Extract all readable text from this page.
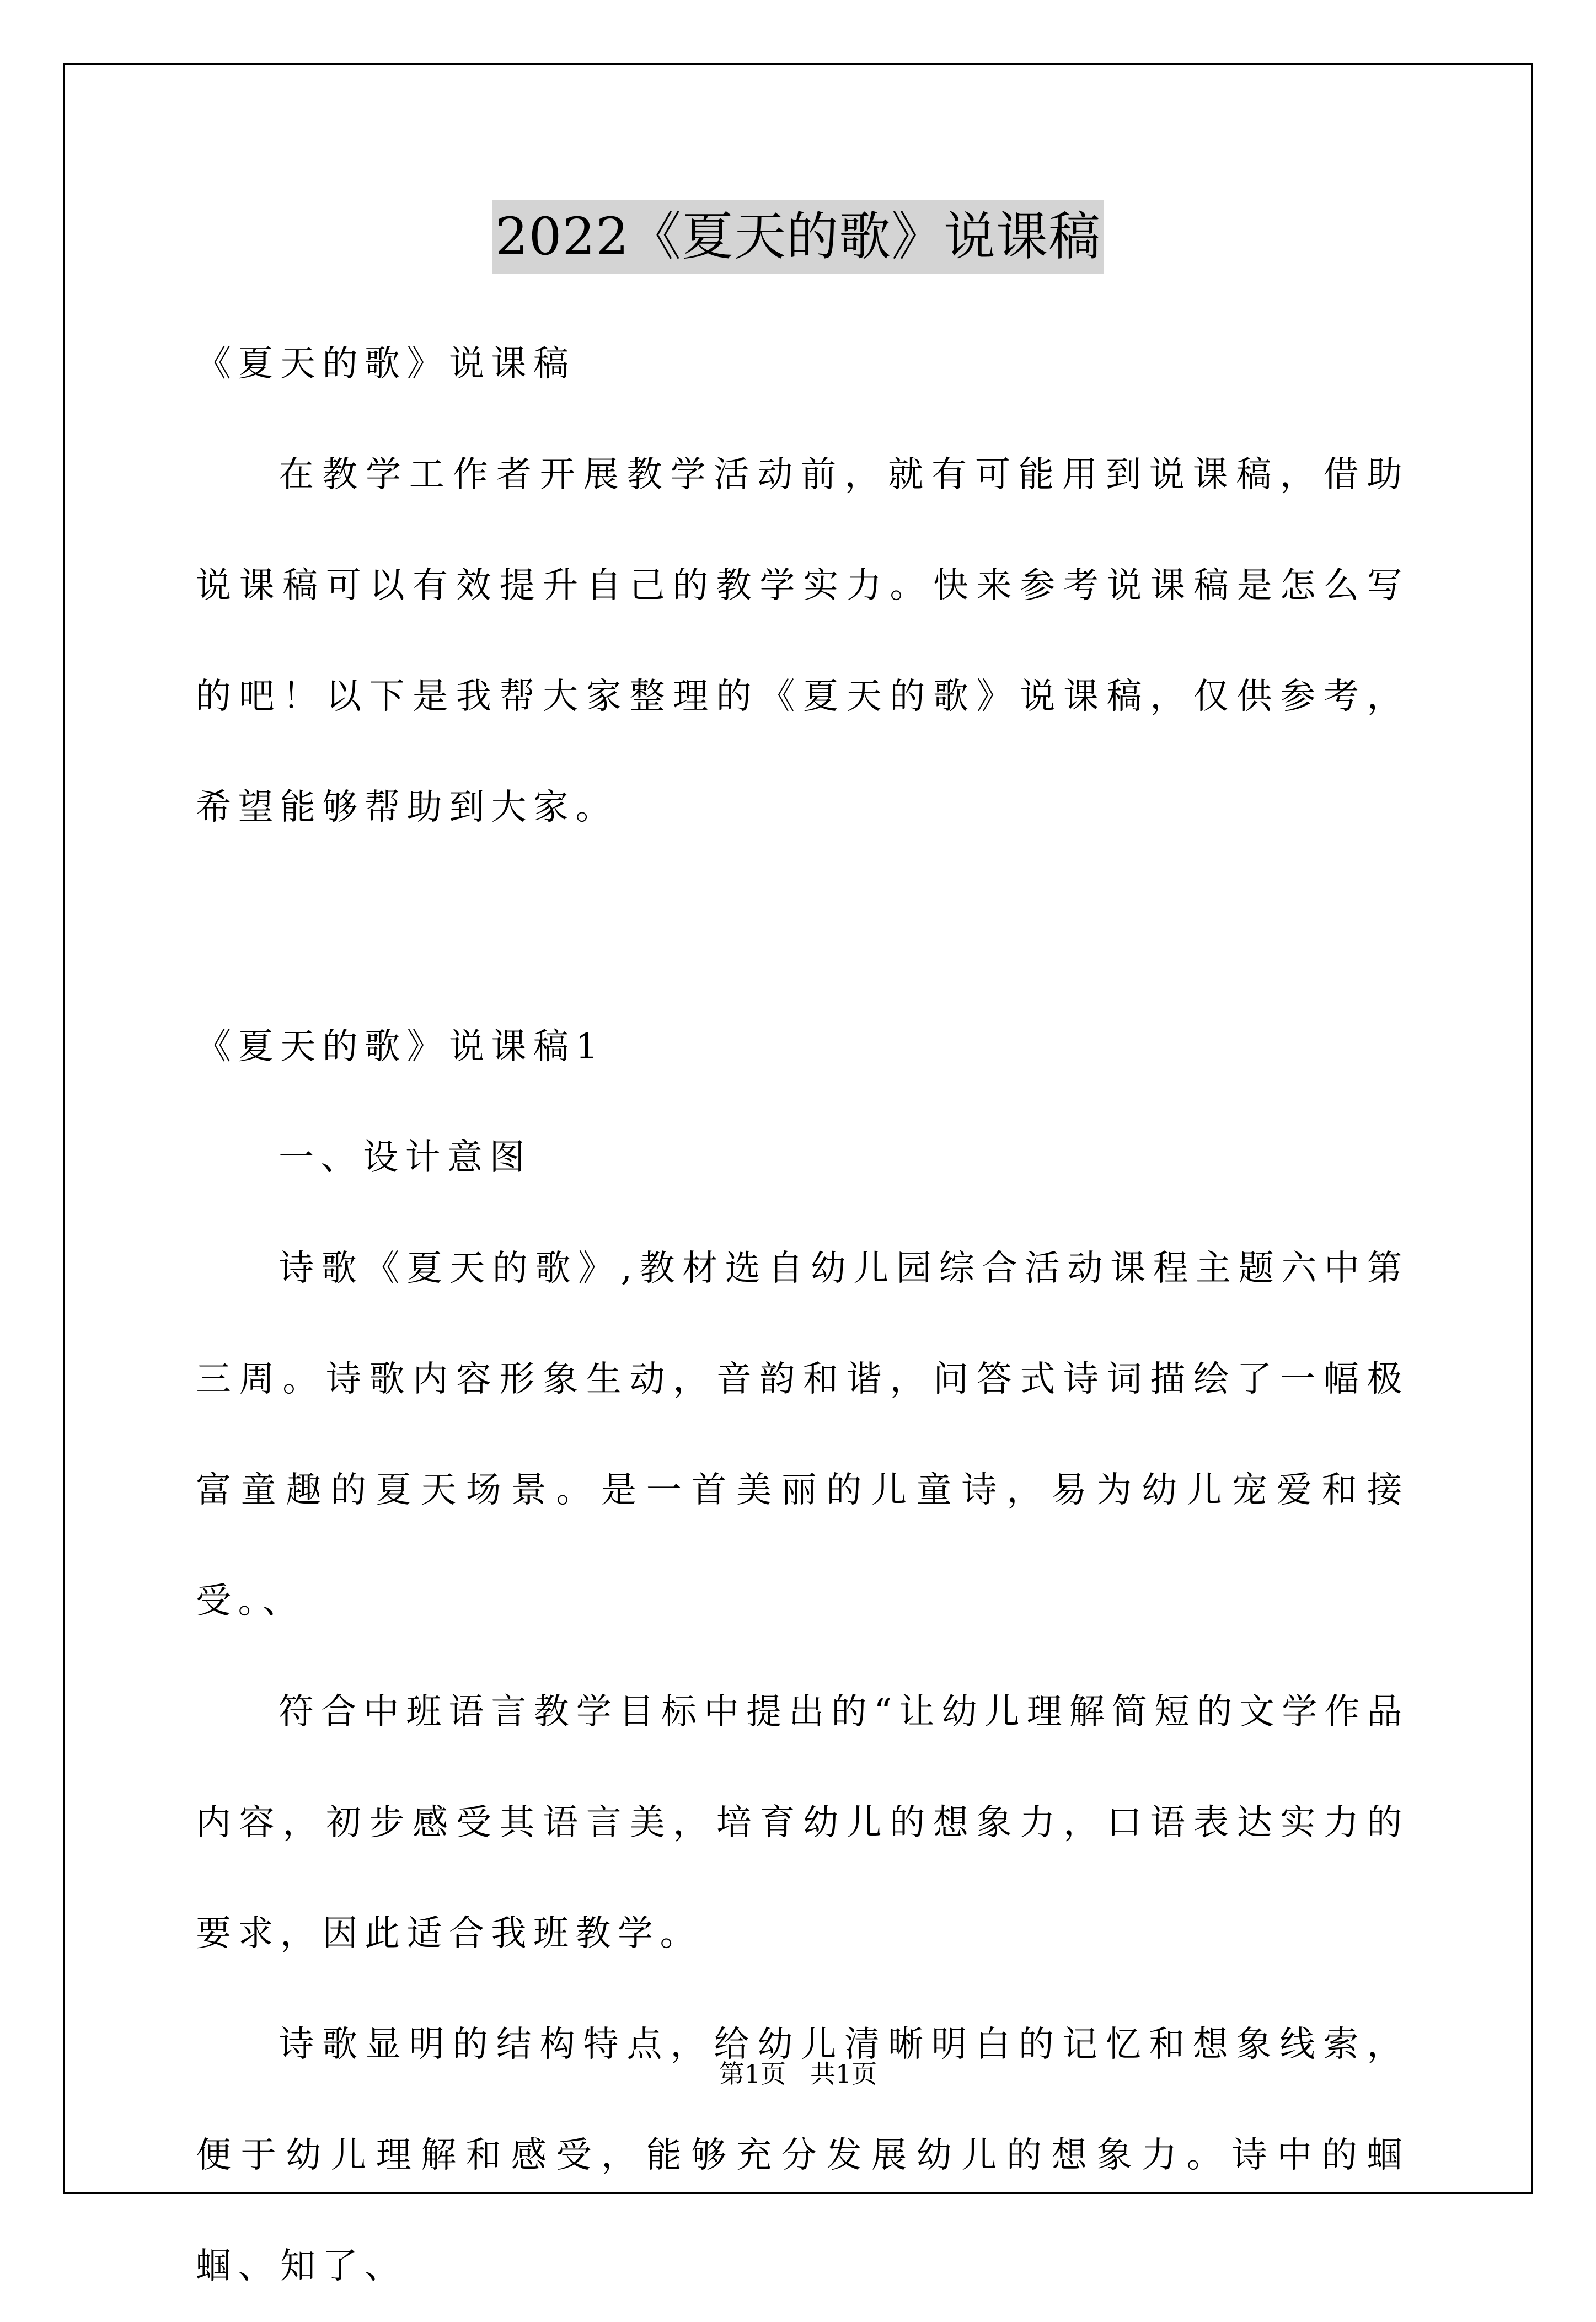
2022《夏天的歌》说课稿

《夏天的歌》说课稿

在教学工作者开展教学活动前，就有可能用到说课稿，借助说课稿可以有效提升自己的教学实力。快来参考说课稿是怎么写的吧！以下是我帮大家整理的《夏天的歌》说课稿，仅供参考，希望能够帮助到大家。

《夏天的歌》说课稿1

一、设计意图

诗歌《夏天的歌》,教材选自幼儿园综合活动课程主题六中第三周。诗歌内容形象生动，音韵和谐，问答式诗词描绘了一幅极富童趣的夏天场景。是一首美丽的儿童诗，易为幼儿宠爱和接受。、

符合中班语言教学目标中提出的“让幼儿理解简短的文学作品内容，初步感受其语言美，培育幼儿的想象力，口语表达实力的要求，因此适合我班教学。

诗歌显明的结构特点，给幼儿清晰明白的记忆和想象线索，便于幼儿理解和感受，能够充分发展幼儿的想象力。诗中的蝈蝈、知了、

第1页 共1页
